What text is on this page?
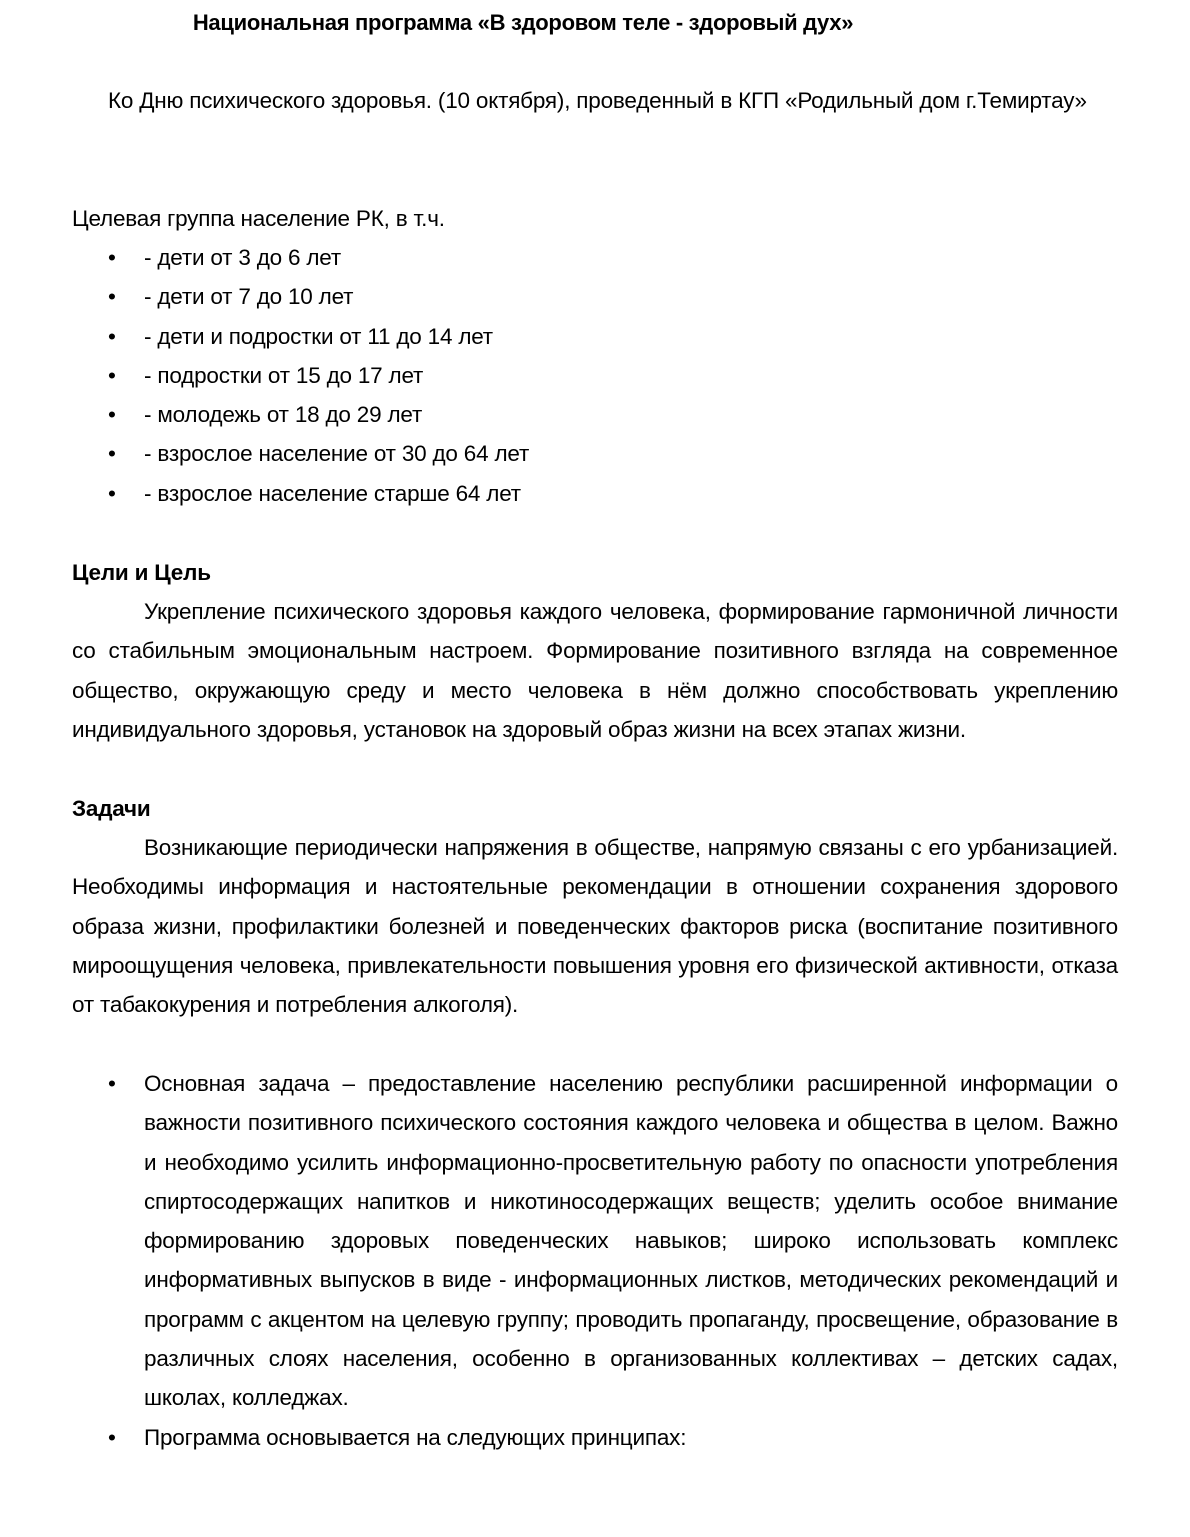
Национальная программа «В здоровом теле - здоровый дух»

Ко Дню психического здоровья. (10 октября), проведенный в КГП «Родильный дом г.Темиртау»

Целевая группа население РК, в т.ч.

• - дети от 3 до 6 лет
• - дети от 7 до 10 лет
• - дети и подростки от 11 до 14 лет
• - подростки от 15 до 17 лет
• - молодежь от 18 до 29 лет
• - взрослое население от 30 до 64 лет
• - взрослое население старше 64 лет

Цели и Цель

Укрепление психического здоровья каждого человека, формирование гармоничной личности со стабильным эмоциональным настроем. Формирование позитивного взгляда на современное общество, окружающую среду и место человека в нём должно способствовать укреплению индивидуального здоровья, установок на здоровый образ жизни на всех этапах жизни.

Задачи

Возникающие периодически напряжения в обществе, напрямую связаны с его урбанизацией. Необходимы информация и настоятельные рекомендации в отношении сохранения здорового образа жизни, профилактики болезней и поведенческих факторов риска (воспитание позитивного мироощущения человека, привлекательности повышения уровня его физической активности, отказа от табакокурения и потребления алкоголя).

• Основная задача – предоставление населению республики расширенной информации о важности позитивного психического состояния каждого человека и общества в целом. Важно и необходимо усилить информационно-просветительную работу по опасности употребления спиртосодержащих напитков и никотиносодержащих веществ; уделить особое внимание формированию здоровых поведенческих навыков; широко использовать комплекс информативных выпусков в виде - информационных листков, методических рекомендаций и программ с акцентом на целевую группу; проводить пропаганду, просвещение, образование в различных слоях населения, особенно в организованных коллективах – детских садах, школах, колледжах.
• Программа основывается на следующих принципах:
